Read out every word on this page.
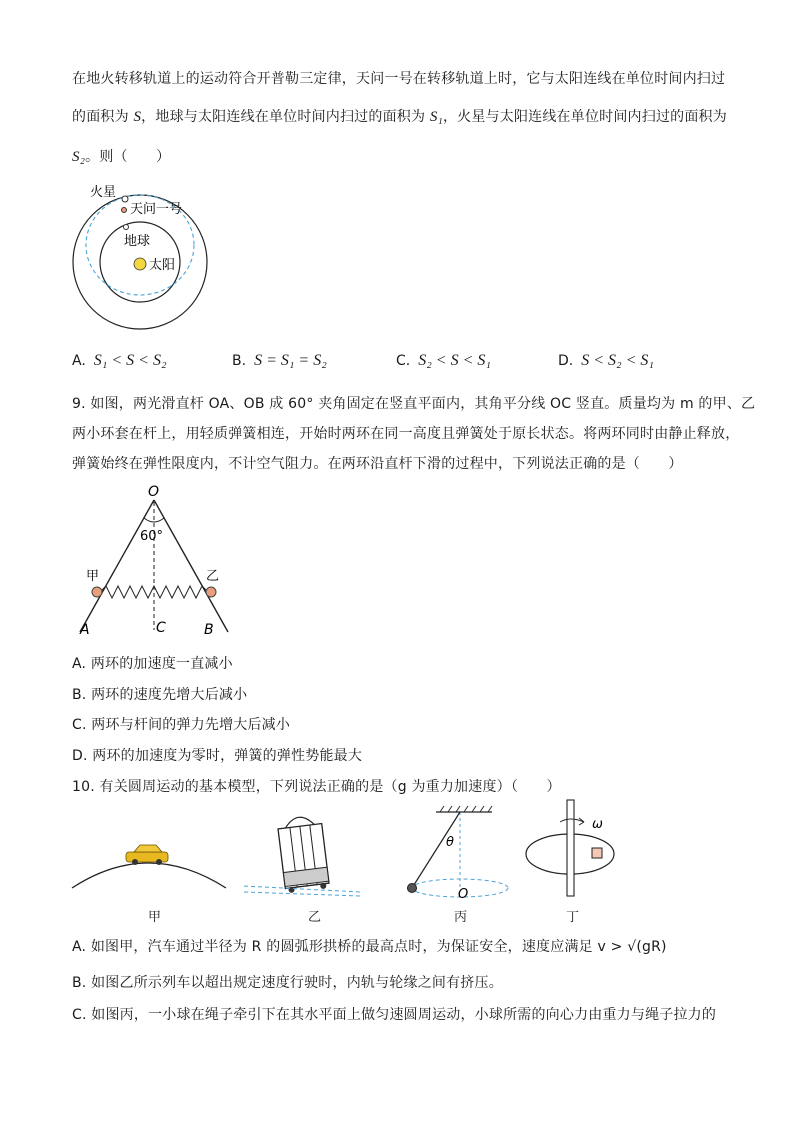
在地火转移轨道上的运动符合开普勒三定律，天问一号在转移轨道上时，它与太阳连线在单位时间内扫过
的面积为 S，地球与太阳连线在单位时间内扫过的面积为 S₁，火星与太阳连线在单位时间内扫过的面积为
S₂。则（　　）
火星
天问一号
地球
太阳
A. S₁ < S < S₂	B. S = S₁ = S₂	C. S₂ < S < S₁	D. S < S₂ < S₁
9. 如图，两光滑直杆 OA、OB 成 60° 夹角固定在竖直平面内，其角平分线 OC 竖直。质量均为 m 的甲、乙
两小环套在杆上，用轻质弹簧相连，开始时两环在同一高度且弹簧处于原长状态。将两环同时由静止释放，
弹簧始终在弹性限度内，不计空气阻力。在两环沿直杆下滑的过程中，下列说法正确的是（　　）
O
60°
甲	乙
A	C	B
A. 两环的加速度一直减小
B. 两环的速度先增大后减小
C. 两环与杆间的弹力先增大后减小
D. 两环的加速度为零时，弹簧的弹性势能最大
10. 有关圆周运动的基本模型，下列说法正确的是（g 为重力加速度）（　　）
θ
O
ω
甲	乙	丙	丁
A. 如图甲，汽车通过半径为 R 的圆弧形拱桥的最高点时，为保证安全，速度应满足 v > √(gR)
B. 如图乙所示列车以超出规定速度行驶时，内轨与轮缘之间有挤压。
C. 如图丙，一小球在绳子牵引下在其水平面上做匀速圆周运动，小球所需的向心力由重力与绳子拉力的
